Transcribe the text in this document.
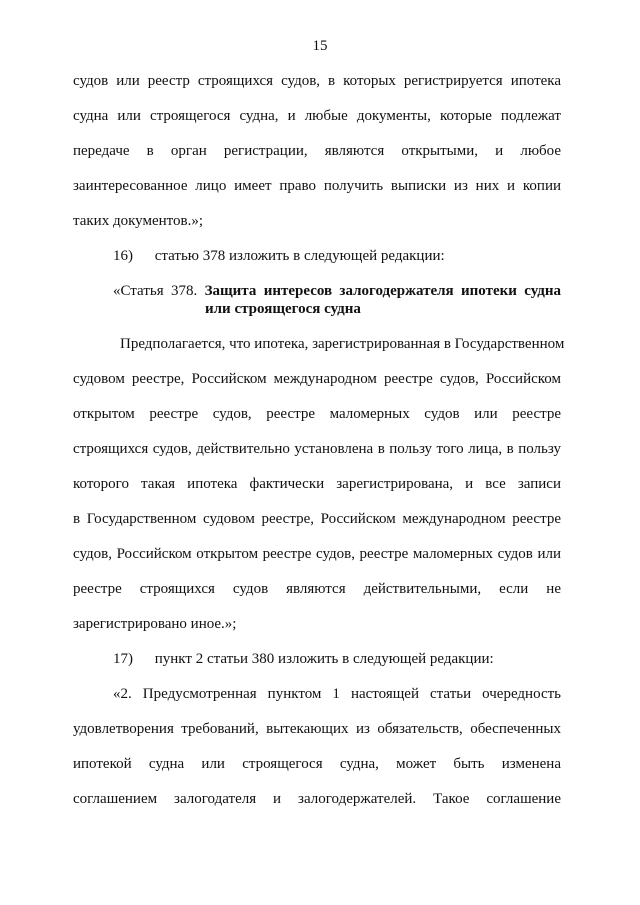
15
судов или реестр строящихся судов, в которых регистрируется ипотека
судна или строящегося судна, и любые документы, которые подлежат
передаче в орган регистрации, являются открытыми, и любое
заинтересованное лицо имеет право получить выписки из них и копии
таких документов.»;
16) статью 378 изложить в следующей редакции:
«Статья 378. Защита интересов залогодержателя ипотеки судна
или строящегося судна
Предполагается, что ипотека, зарегистрированная в Государственном
судовом реестре, Российском международном реестре судов, Российском
открытом реестре судов, реестре маломерных судов или реестре
строящихся судов, действительно установлена в пользу того лица, в пользу
которого такая ипотека фактически зарегистрирована, и все записи
в Государственном судовом реестре, Российском международном реестре
судов, Российском открытом реестре судов, реестре маломерных судов или
реестре строящихся судов являются действительными, если не
зарегистрировано иное.»;
17) пункт 2 статьи 380 изложить в следующей редакции:
«2. Предусмотренная пунктом 1 настоящей статьи очередность
удовлетворения требований, вытекающих из обязательств, обеспеченных
ипотекой судна или строящегося судна, может быть изменена
соглашением залогодателя и залогодержателей. Такое соглашение
